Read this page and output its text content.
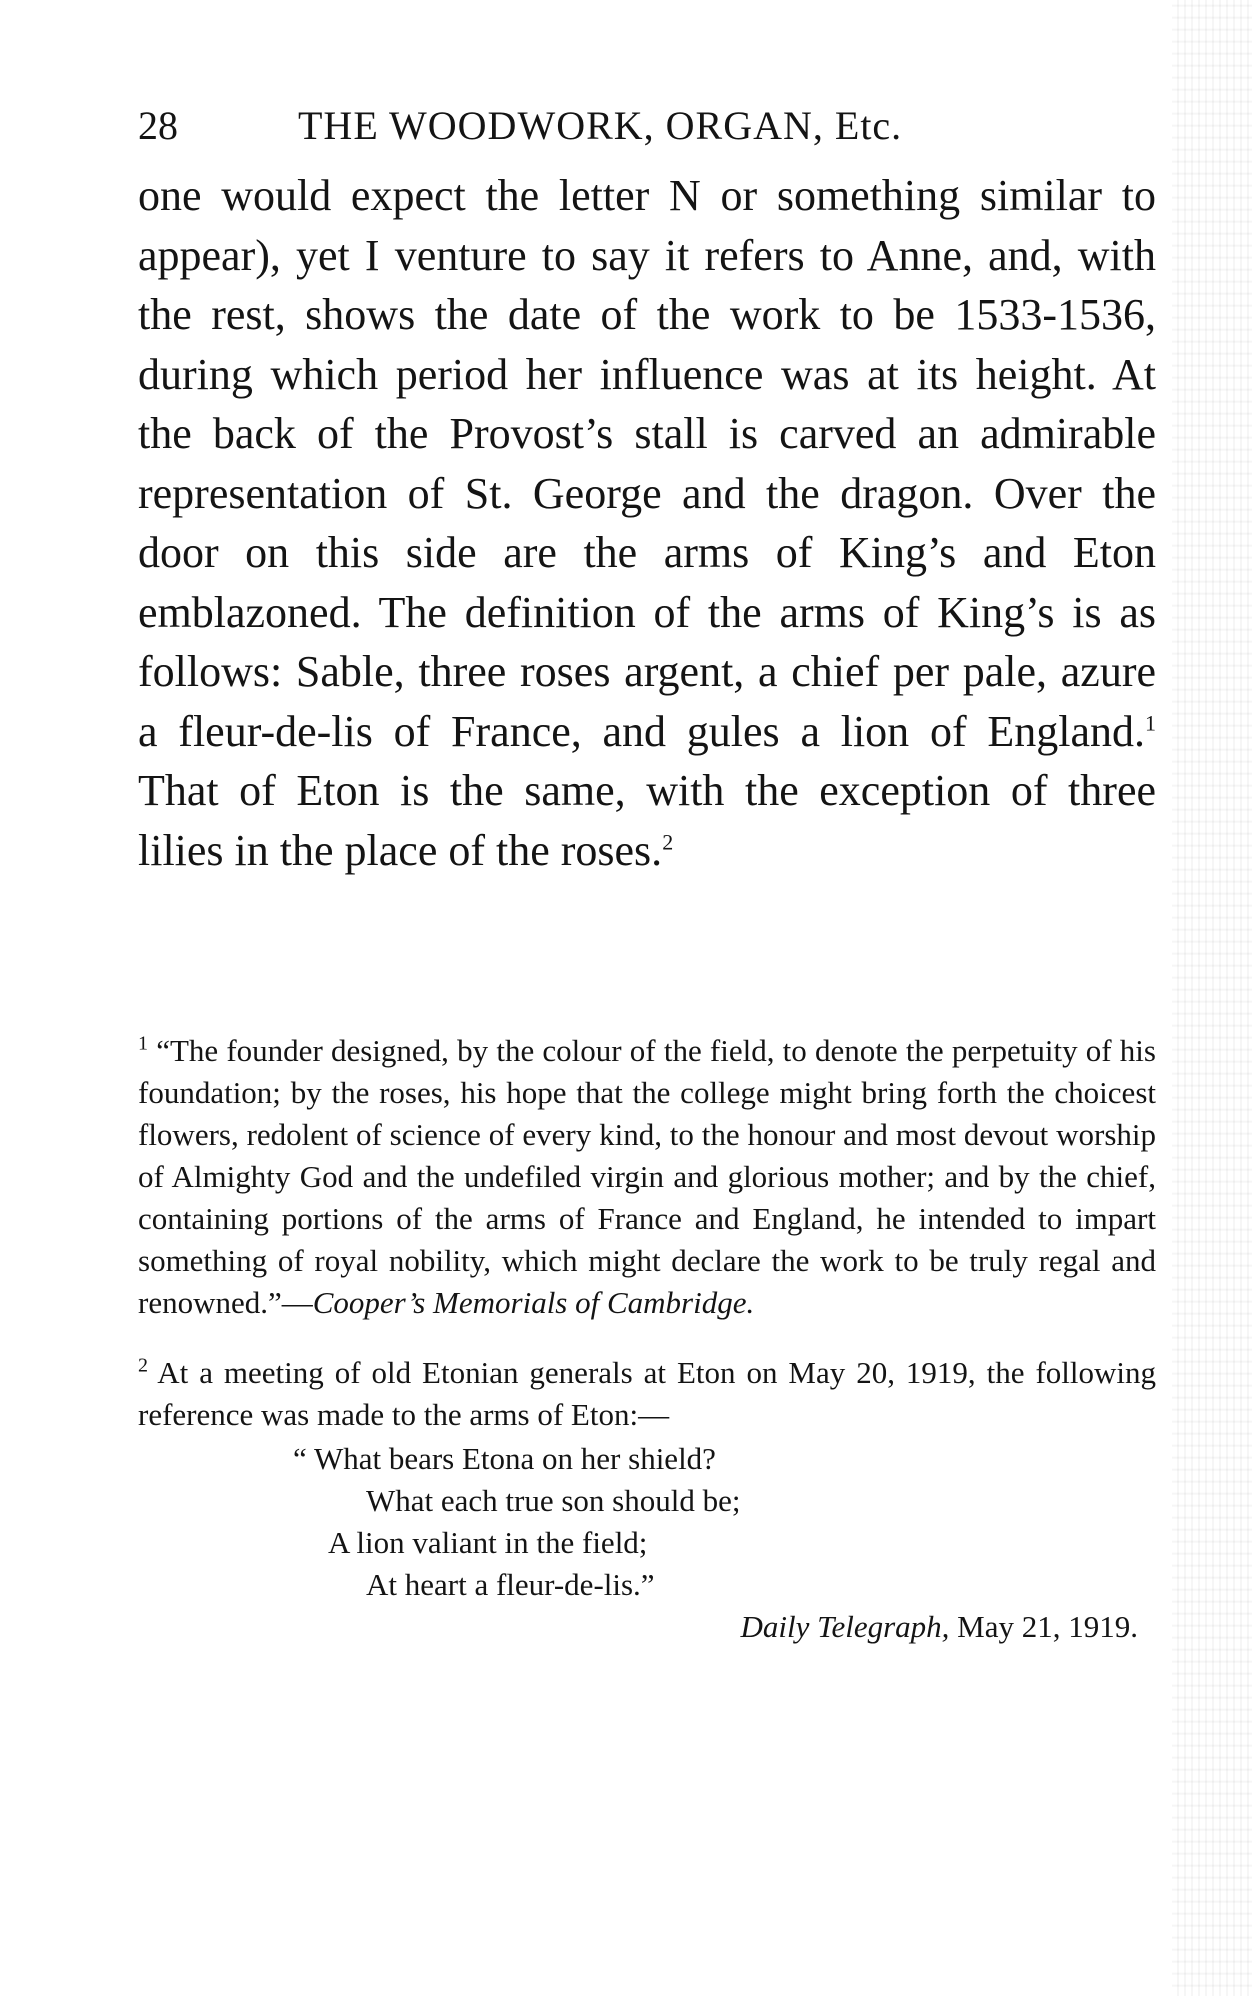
28	THE WOODWORK, ORGAN, Etc.

one would expect the letter N or something similar to appear), yet I venture to say it refers to Anne, and, with the rest, shows the date of the work to be 1533-1536, during which period her influence was at its height. At the back of the Provost’s stall is carved an admirable representation of St. George and the dragon. Over the door on this side are the arms of King’s and Eton emblazoned. The definition of the arms of King’s is as follows: Sable, three roses argent, a chief per pale, azure a fleur-de-lis of France, and gules a lion of England.$^1$ That of Eton is the same, with the exception of three lilies in the place of the roses.$^2$

$^1$ “The founder designed, by the colour of the field, to denote the perpetuity of his foundation; by the roses, his hope that the college might bring forth the choicest flowers, redolent of science of every kind, to the honour and most devout worship of Almighty God and the undefiled virgin and glorious mother; and by the chief, containing portions of the arms of France and England, he intended to impart something of royal nobility, which might declare the work to be truly regal and renowned.”—Cooper’s Memorials of Cambridge.

$^2$ At a meeting of old Etonian generals at Eton on May 20, 1919, the following reference was made to the arms of Eton:—

“ What bears Etona on her shield?
What each true son should be;
A lion valiant in the field;
At heart a fleur-de-lis.”
Daily Telegraph, May 21, 1919.
